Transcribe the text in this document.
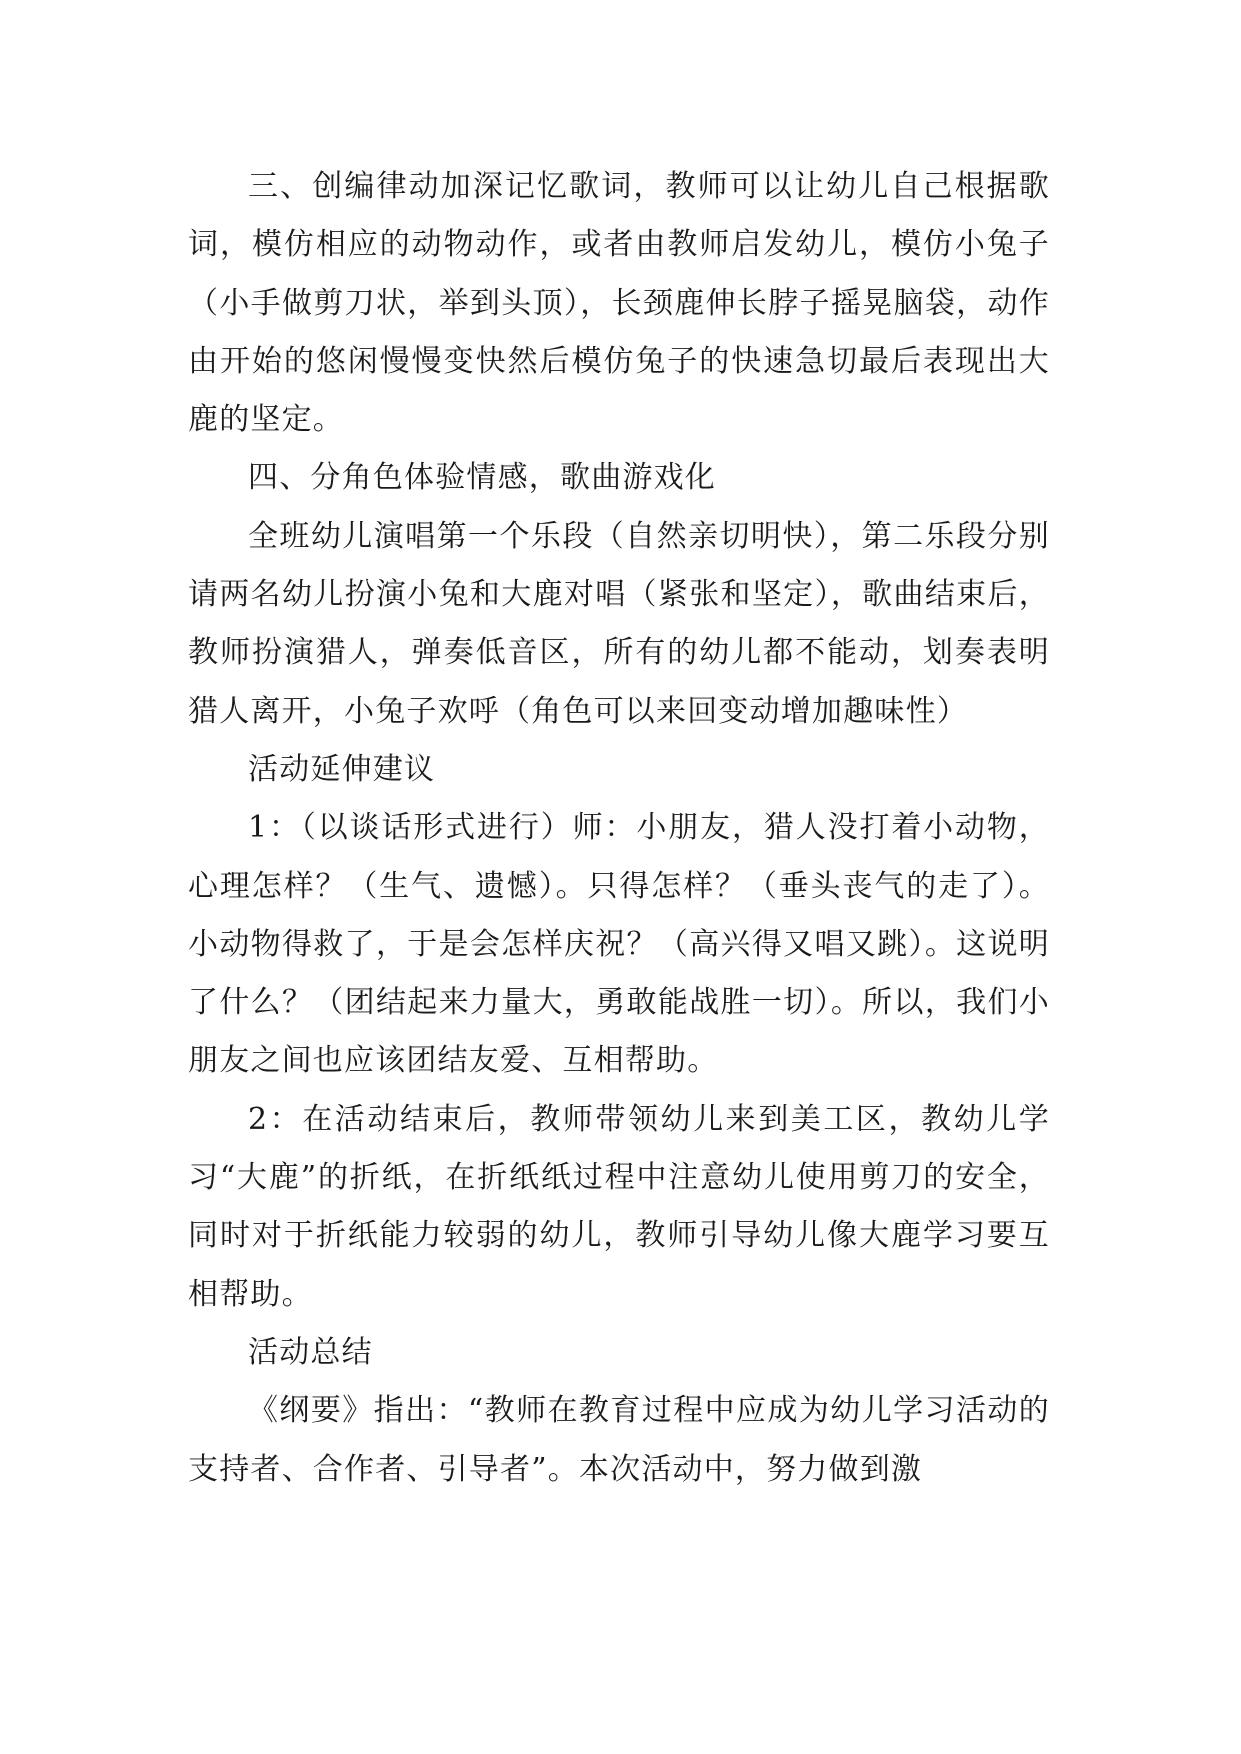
三、创编律动加深记忆歌词，教师可以让幼儿自己根据歌词，模仿相应的动物动作，或者由教师启发幼儿，模仿小兔子（小手做剪刀状，举到头顶），长颈鹿伸长脖子摇晃脑袋，动作由开始的悠闲慢慢变快然后模仿兔子的快速急切最后表现出大鹿的坚定。

四、分角色体验情感，歌曲游戏化

全班幼儿演唱第一个乐段（自然亲切明快），第二乐段分别请两名幼儿扮演小兔和大鹿对唱（紧张和坚定），歌曲结束后，教师扮演猎人，弹奏低音区，所有的幼儿都不能动，划奏表明猎人离开，小兔子欢呼（角色可以来回变动增加趣味性）

活动延伸建议

1：（以谈话形式进行）师：小朋友，猎人没打着小动物，心理怎样？（生气、遗憾）。只得怎样？（垂头丧气的走了）。小动物得救了，于是会怎样庆祝？（高兴得又唱又跳）。这说明了什么？（团结起来力量大，勇敢能战胜一切）。所以，我们小朋友之间也应该团结友爱、互相帮助。

2：在活动结束后，教师带领幼儿来到美工区，教幼儿学习“大鹿”的折纸，在折纸纸过程中注意幼儿使用剪刀的安全，同时对于折纸能力较弱的幼儿，教师引导幼儿像大鹿学习要互相帮助。

活动总结

《纲要》指出：“教师在教育过程中应成为幼儿学习活动的支持者、合作者、引导者”。本次活动中，努力做到激
